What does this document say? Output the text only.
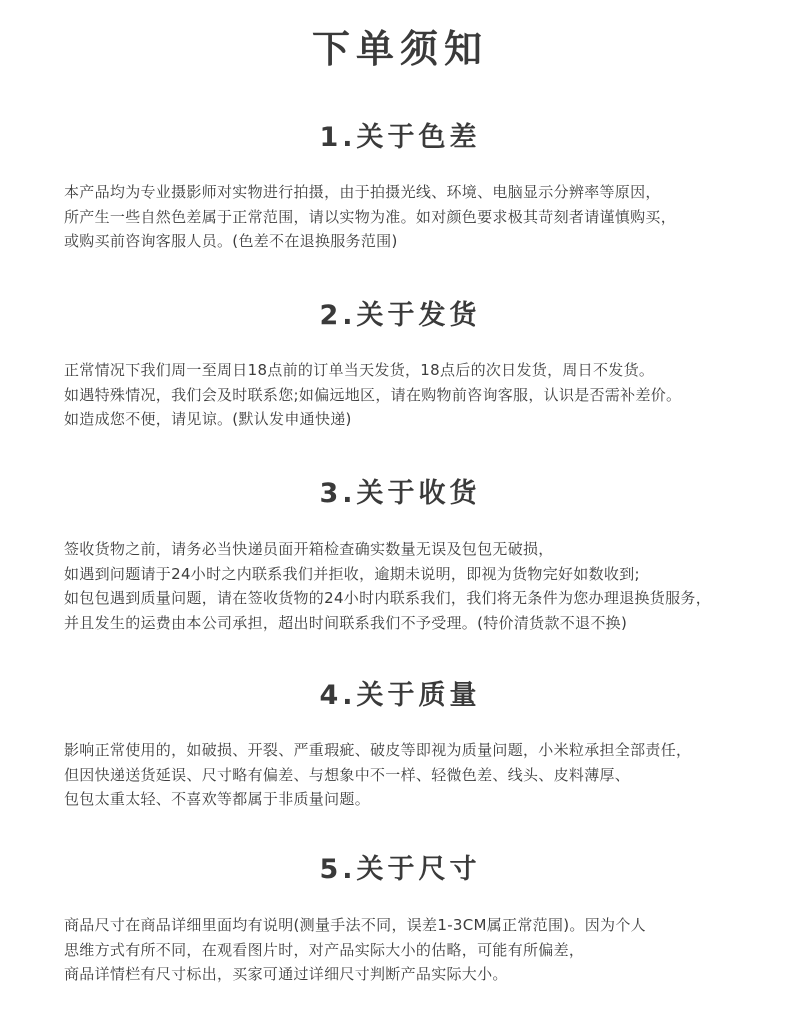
下单须知
1.关于色差
本产品均为专业摄影师对实物进行拍摄，由于拍摄光线、环境、电脑显示分辨率等原因，
所产生一些自然色差属于正常范围，请以实物为准。如对颜色要求极其苛刻者请谨慎购买，
或购买前咨询客服人员。(色差不在退换服务范围)
2.关于发货
正常情况下我们周一至周日18点前的订单当天发货，18点后的次日发货，周日不发货。
如遇特殊情况，我们会及时联系您;如偏远地区，请在购物前咨询客服，认识是否需补差价。
如造成您不便，请见谅。(默认发申通快递)
3.关于收货
签收货物之前，请务必当快递员面开箱检查确实数量无误及包包无破损，
如遇到问题请于24小时之内联系我们并拒收，逾期未说明，即视为货物完好如数收到;
如包包遇到质量问题，请在签收货物的24小时内联系我们，我们将无条件为您办理退换货服务，
并且发生的运费由本公司承担，超出时间联系我们不予受理。(特价清货款不退不换)
4.关于质量
影响正常使用的，如破损、开裂、严重瑕疵、破皮等即视为质量问题，小米粒承担全部责任，
但因快递送货延误、尺寸略有偏差、与想象中不一样、轻微色差、线头、皮料薄厚、
包包太重太轻、不喜欢等都属于非质量问题。
5.关于尺寸
商品尺寸在商品详细里面均有说明(测量手法不同，误差1-3CM属正常范围)。因为个人
思维方式有所不同，在观看图片时，对产品实际大小的估略，可能有所偏差，
商品详情栏有尺寸标出，买家可通过详细尺寸判断产品实际大小。
